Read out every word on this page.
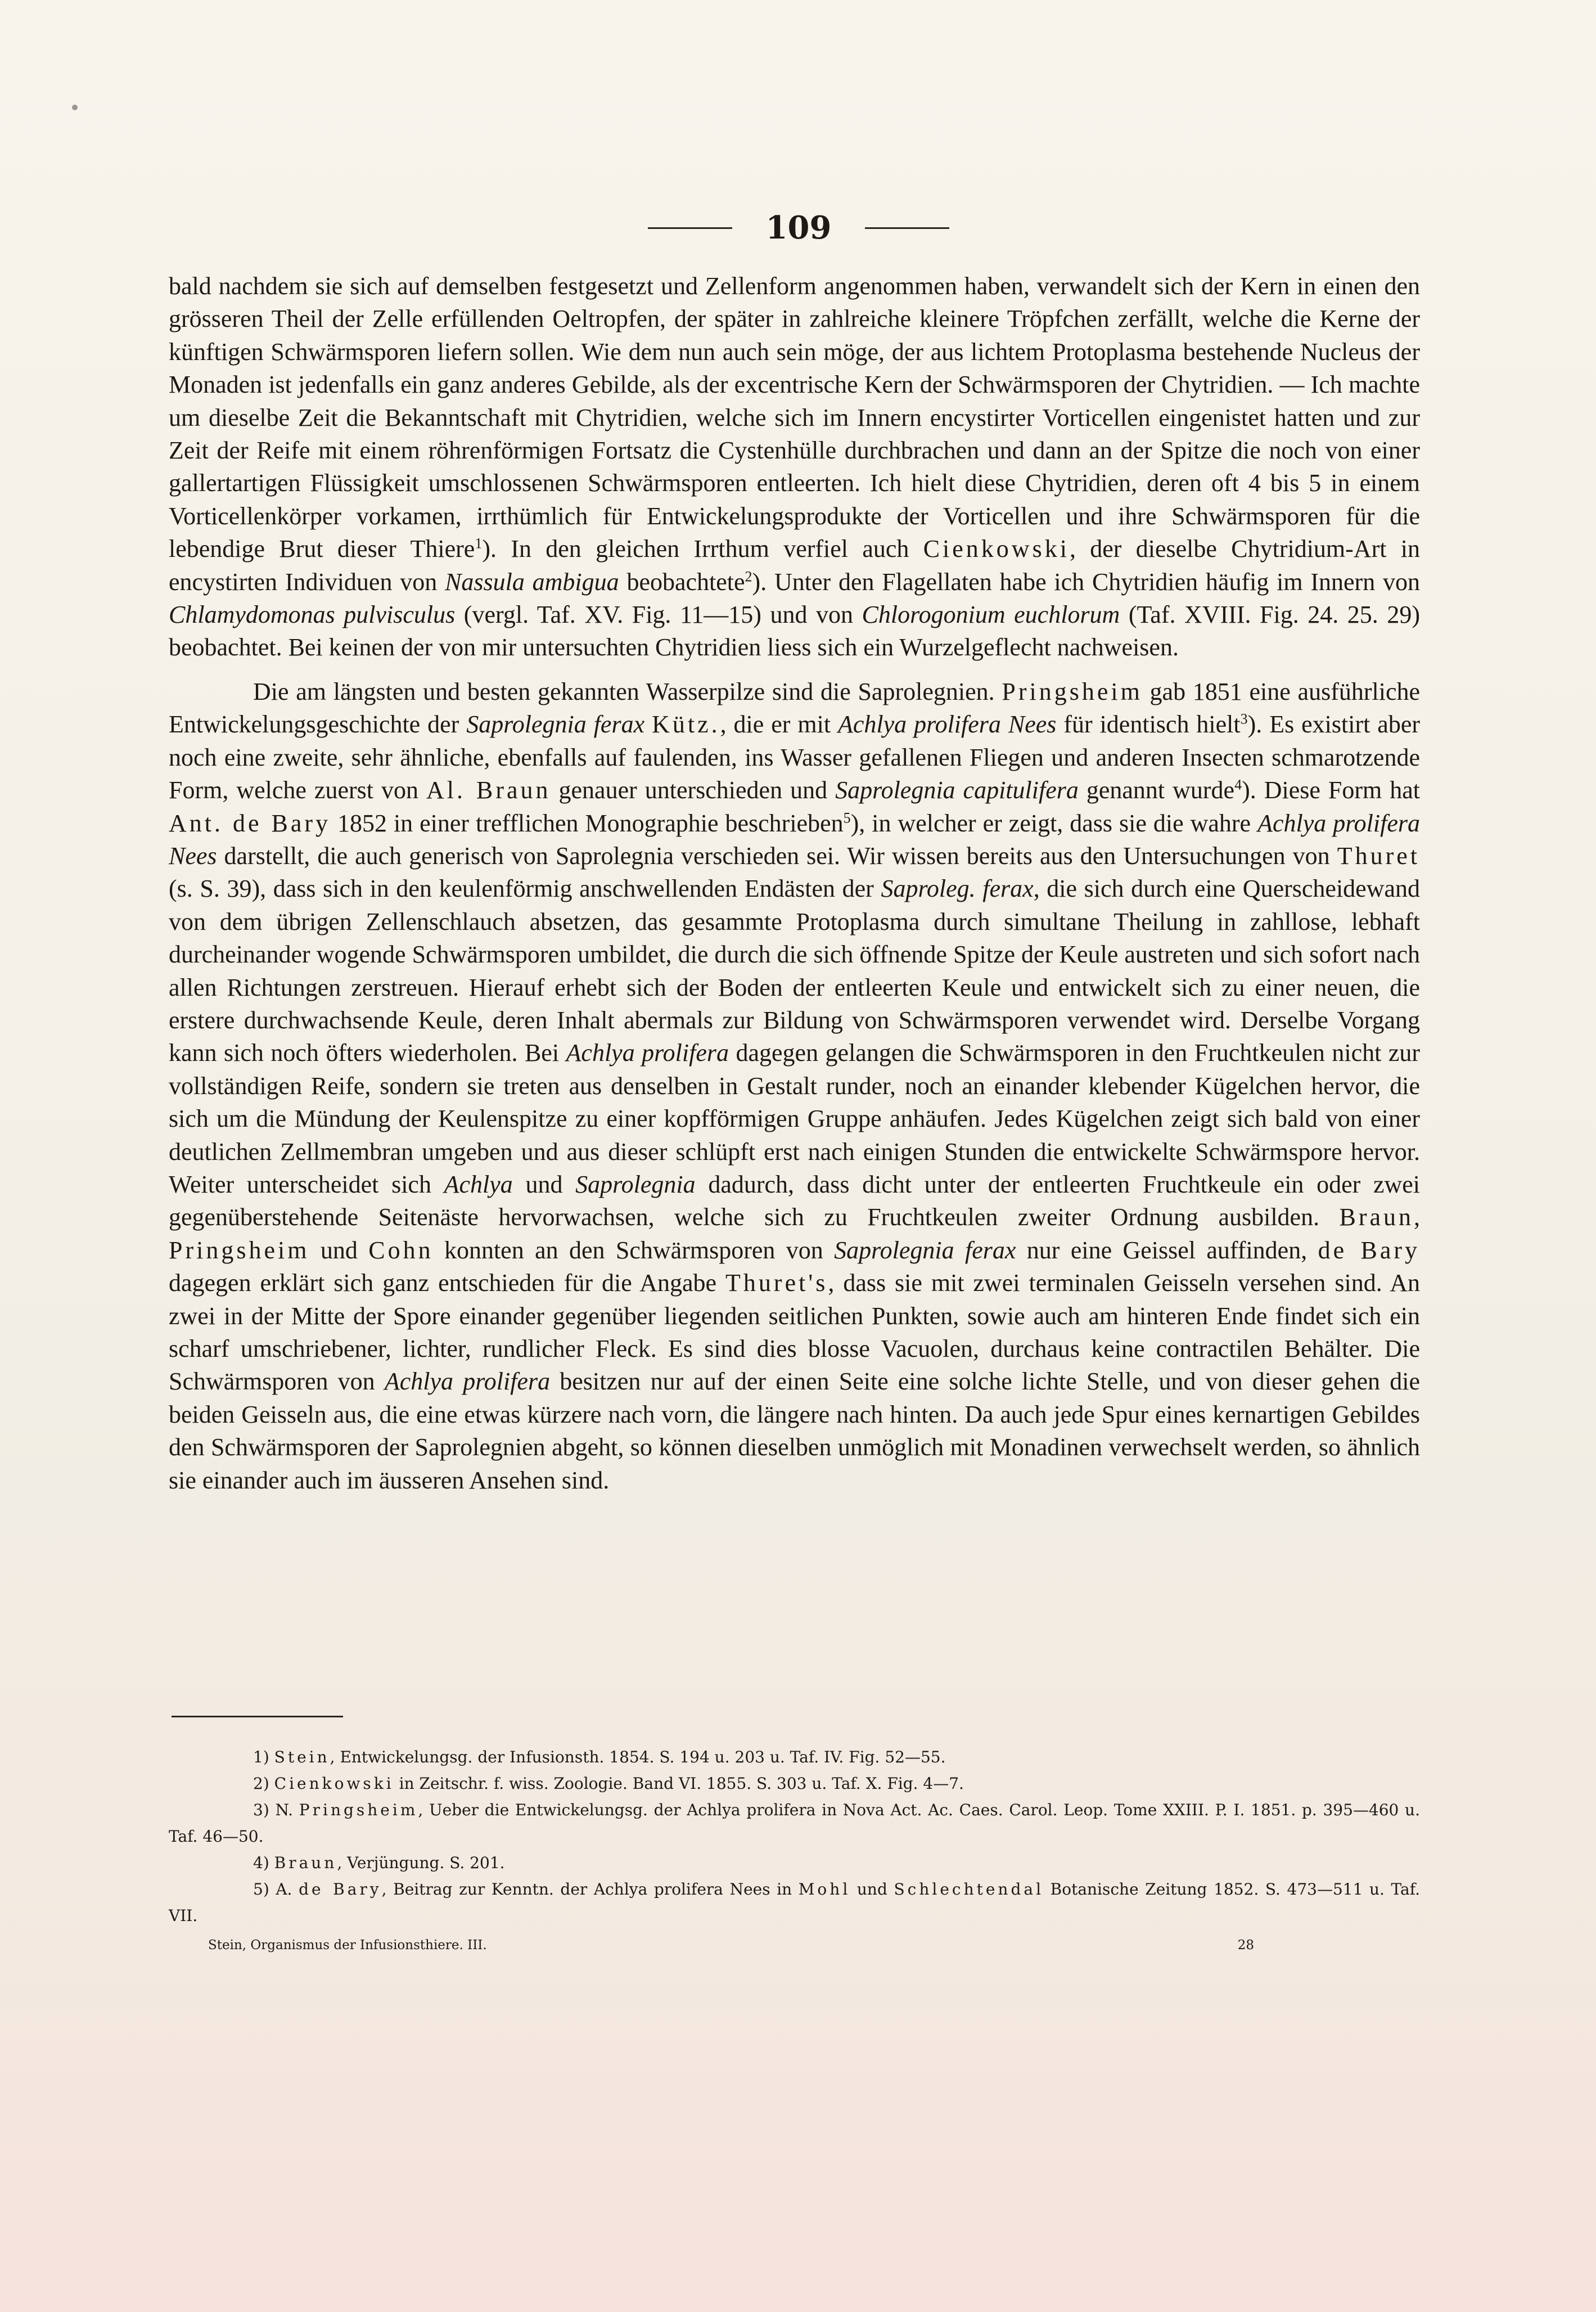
109

bald nachdem sie sich auf demselben festgesetzt und Zellenform angenommen haben, verwandelt sich der Kern in einen den grösseren Theil der Zelle erfüllenden Oeltropfen, der später in zahlreiche kleinere Tröpfchen zerfällt, welche die Kerne der künftigen Schwärmsporen liefern sollen. Wie dem nun auch sein möge, der aus lichtem Protoplasma bestehende Nucleus der Monaden ist jedenfalls ein ganz anderes Gebilde, als der excentrische Kern der Schwärmsporen der Chytridien. — Ich machte um dieselbe Zeit die Bekanntschaft mit Chytridien, welche sich im Innern encystirter Vorticellen eingenistet hatten und zur Zeit der Reife mit einem röhrenförmigen Fortsatz die Cystenhülle durchbrachen und dann an der Spitze die noch von einer gallertartigen Flüssigkeit umschlossenen Schwärmsporen entleerten. Ich hielt diese Chytridien, deren oft 4 bis 5 in einem Vorticellenkörper vorkamen, irrthümlich für Entwickelungsprodukte der Vorticellen und ihre Schwärmsporen für die lebendige Brut dieser Thiere$^1$). In den gleichen Irrthum verfiel auch Cienkowski, der dieselbe Chytridium-Art in encystirten Individuen von Nassula ambigua beobachtete$^2$). Unter den Flagellaten habe ich Chytridien häufig im Innern von Chlamydomonas pulvisculus (vergl. Taf. XV. Fig. 11—15) und von Chlorogonium euchlorum (Taf. XVIII. Fig. 24. 25. 29) beobachtet. Bei keinen der von mir untersuchten Chytridien liess sich ein Wurzelgeflecht nachweisen.

Die am längsten und besten gekannten Wasserpilze sind die Saprolegnien. Pringsheim gab 1851 eine ausführliche Entwickelungsgeschichte der Saprolegnia ferax Kütz., die er mit Achlya prolifera Nees für identisch hielt$^3$). Es existirt aber noch eine zweite, sehr ähnliche, ebenfalls auf faulenden, ins Wasser gefallenen Fliegen und anderen Insecten schmarotzende Form, welche zuerst von Al. Braun genauer unterschieden und Saprolegnia capitulifera genannt wurde$^4$). Diese Form hat Ant. de Bary 1852 in einer trefflichen Monographie beschrieben$^5$), in welcher er zeigt, dass sie die wahre Achlya prolifera Nees darstellt, die auch generisch von Saprolegnia verschieden sei. Wir wissen bereits aus den Untersuchungen von Thuret (s. S. 39), dass sich in den keulenförmig anschwellenden Endästen der Saproleg. ferax, die sich durch eine Querscheidewand von dem übrigen Zellenschlauch absetzen, das gesammte Protoplasma durch simultane Theilung in zahllose, lebhaft durcheinander wogende Schwärmsporen umbildet, die durch die sich öffnende Spitze der Keule austreten und sich sofort nach allen Richtungen zerstreuen. Hierauf erhebt sich der Boden der entleerten Keule und entwickelt sich zu einer neuen, die erstere durchwachsende Keule, deren Inhalt abermals zur Bildung von Schwärmsporen verwendet wird. Derselbe Vorgang kann sich noch öfters wiederholen. Bei Achlya prolifera dagegen gelangen die Schwärmsporen in den Fruchtkeulen nicht zur vollständigen Reife, sondern sie treten aus denselben in Gestalt runder, noch an einander klebender Kügelchen hervor, die sich um die Mündung der Keulenspitze zu einer kopfförmigen Gruppe anhäufen. Jedes Kügelchen zeigt sich bald von einer deutlichen Zellmembran umgeben und aus dieser schlüpft erst nach einigen Stunden die entwickelte Schwärmspore hervor. Weiter unterscheidet sich Achlya und Saprolegnia dadurch, dass dicht unter der entleerten Fruchtkeule ein oder zwei gegenüberstehende Seitenäste hervorwachsen, welche sich zu Fruchtkeulen zweiter Ordnung ausbilden. Braun, Pringsheim und Cohn konnten an den Schwärmsporen von Saprolegnia ferax nur eine Geissel auffinden, de Bary dagegen erklärt sich ganz entschieden für die Angabe Thuret's, dass sie mit zwei terminalen Geisseln versehen sind. An zwei in der Mitte der Spore einander gegenüber liegenden seitlichen Punkten, sowie auch am hinteren Ende findet sich ein scharf umschriebener, lichter, rundlicher Fleck. Es sind dies blosse Vacuolen, durchaus keine contractilen Behälter. Die Schwärmsporen von Achlya prolifera besitzen nur auf der einen Seite eine solche lichte Stelle, und von dieser gehen die beiden Geisseln aus, die eine etwas kürzere nach vorn, die längere nach hinten. Da auch jede Spur eines kernartigen Gebildes den Schwärmsporen der Saprolegnien abgeht, so können dieselben unmöglich mit Monadinen verwechselt werden, so ähnlich sie einander auch im äusseren Ansehen sind.

1) Stein, Entwickelungsg. der Infusionsth. 1854. S. 194 u. 203 u. Taf. IV. Fig. 52—55.

2) Cienkowski in Zeitschr. f. wiss. Zoologie. Band VI. 1855. S. 303 u. Taf. X. Fig. 4—7.

3) N. Pringsheim, Ueber die Entwickelungsg. der Achlya prolifera in Nova Act. Ac. Caes. Carol. Leop. Tome XXIII. P. I. 1851. p. 395—460 u. Taf. 46—50.

4) Braun, Verjüngung. S. 201.

5) A. de Bary, Beitrag zur Kenntn. der Achlya prolifera Nees in Mohl und Schlechtendal Botanische Zeitung 1852. S. 473—511 u. Taf. VII.

Stein, Organismus der Infusionsthiere. III.	28
